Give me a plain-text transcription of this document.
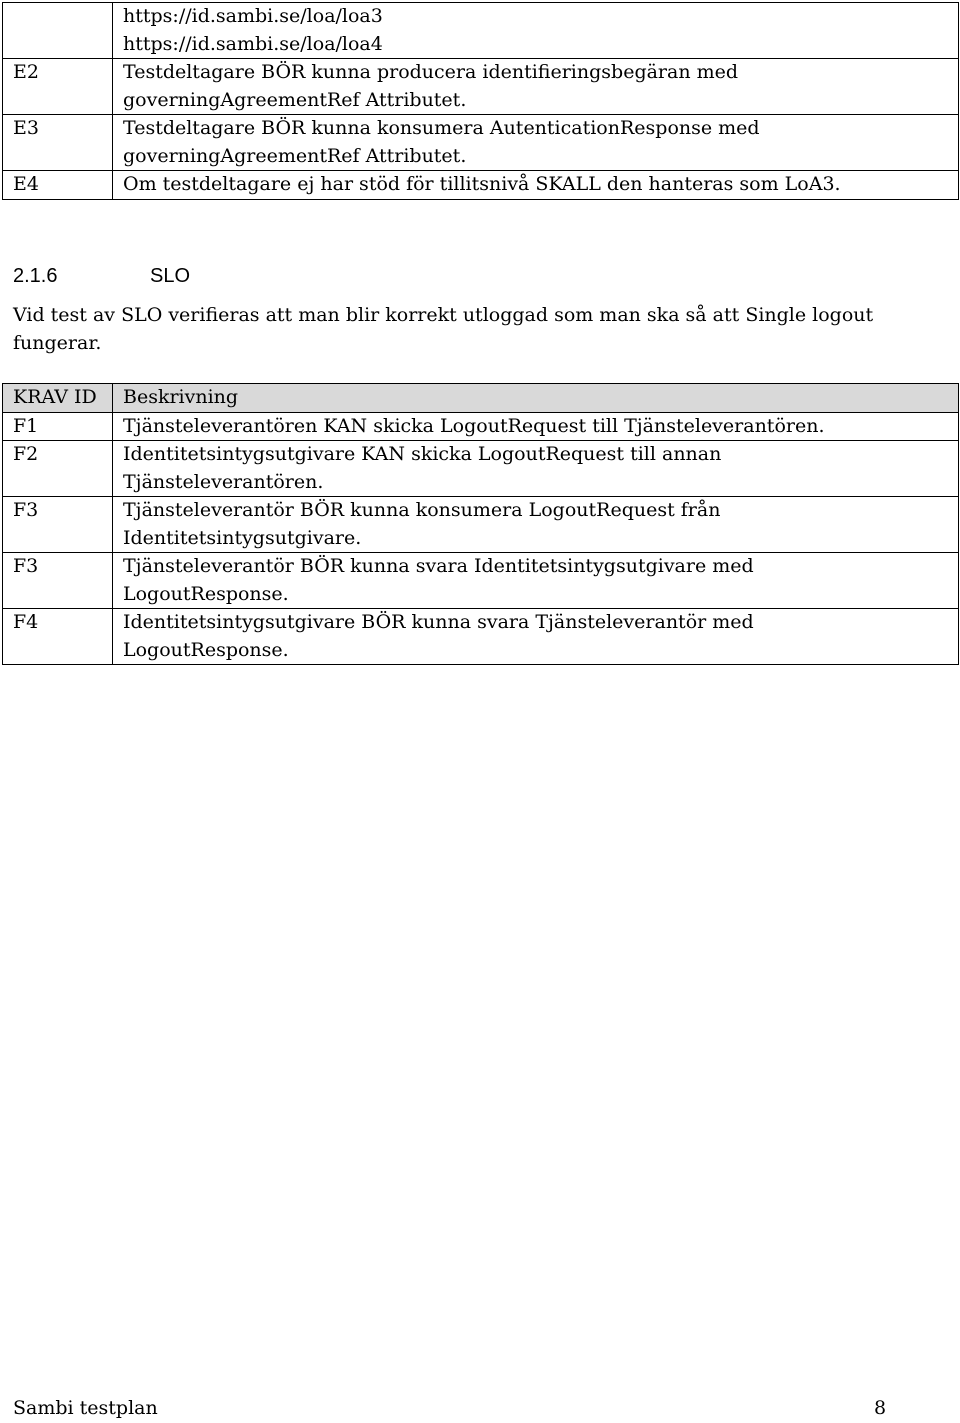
	https://id.sambi.se/loa/loa3
https://id.sambi.se/loa/loa4

E2	Testdeltagare BÖR kunna producera identifieringsbegäran med
governingAgreementRef Attributet.

E3	Testdeltagare BÖR kunna konsumera AutenticationResponse med
governingAgreementRef Attributet.

E4	Om testdeltagare ej har stöd för tillitsnivå SKALL den hanteras som LoA3.
2.1.6	SLO
Vid test av SLO verifieras att man blir korrekt utloggad som man ska så att Single logout fungerar.
KRAV ID	Beskrivning
F1	Tjänsteleverantören KAN skicka LogoutRequest till Tjänsteleverantören.

F2	Identitetsintygsutgivare KAN skicka LogoutRequest till annan
Tjänsteleverantören.

F3	Tjänsteleverantör BÖR kunna konsumera LogoutRequest från
Identitetsintygsutgivare.

F3	Tjänsteleverantör BÖR kunna svara Identitetsintygsutgivare med
LogoutResponse.

F4	Identitetsintygsutgivare BÖR kunna svara Tjänsteleverantör med
LogoutResponse.
Sambi testplan	8
